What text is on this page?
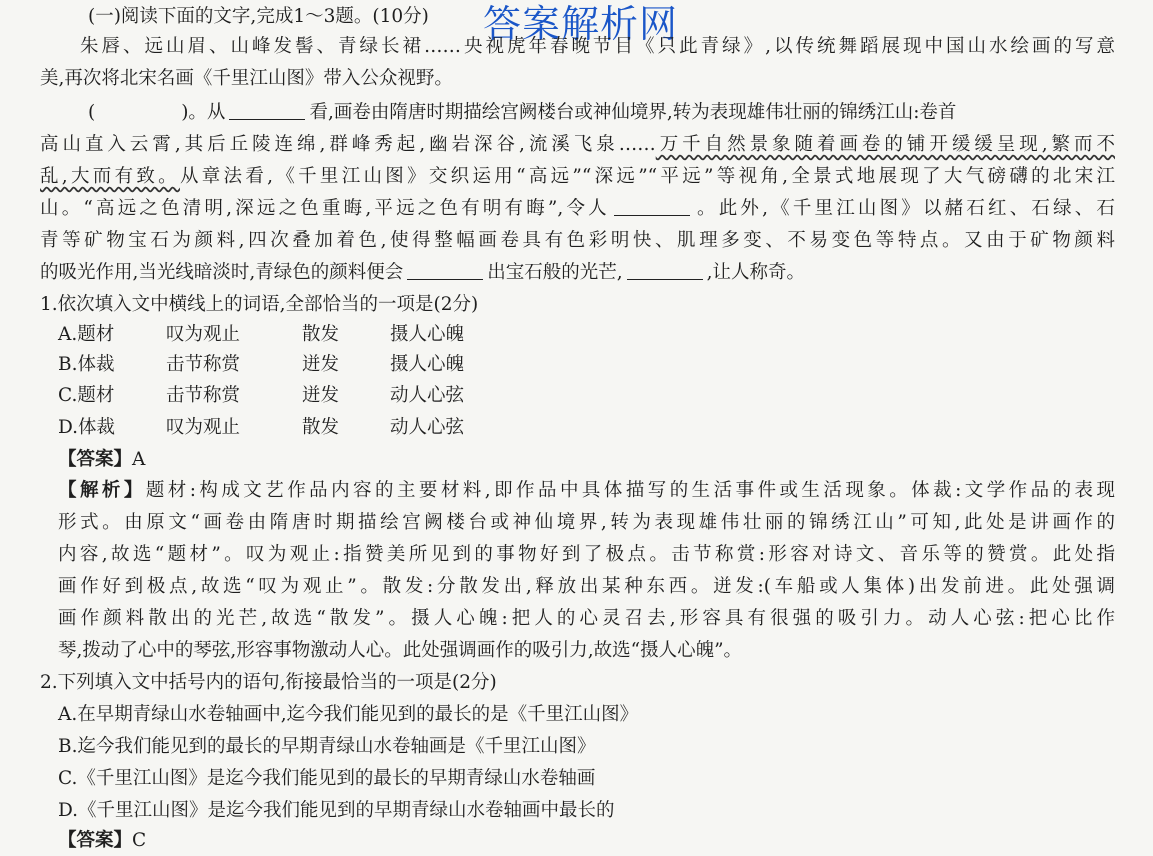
(一)阅读下面的文字,完成1～3题。(10分) 答案解析网
朱唇、远山眉、山峰发髻、青绿长裙……央视虎年春晚节目《只此青绿》,以传统舞蹈展现中国山水绘画的写意
美,再次将北宋名画《千里江山图》带入公众视野。
(	)。从	看,画卷由隋唐时期描绘宫阙楼台或神仙境界,转为表现雄伟壮丽的锦绣江山:卷首
高山直入云霄,其后丘陵连绵,群峰秀起,幽岩深谷,流溪飞泉……万千自然景象随着画卷的铺开缓缓呈现,繁而不
乱,大而有致。从章法看,《千里江山图》交织运用“高远”“深远”“平远”等视角,全景式地展现了大气磅礴的北宋江
山。“高远之色清明,深远之色重晦,平远之色有明有晦”,令人	。此外,《千里江山图》以赭石红、石绿、石
青等矿物宝石为颜料,四次叠加着色,使得整幅画卷具有色彩明快、肌理多变、不易变色等特点。又由于矿物颜料
的吸光作用,当光线暗淡时,青绿色的颜料便会	出宝石般的光芒,	,让人称奇。
1.依次填入文中横线上的词语,全部恰当的一项是(2分)
A.题材	叹为观止	散发	摄人心魄
B.体裁	击节称赏	迸发	摄人心魄
C.题材	击节称赏	迸发	动人心弦
D.体裁	叹为观止	散发	动人心弦
【答案】A
【解析】题材:构成文艺作品内容的主要材料,即作品中具体描写的生活事件或生活现象。体裁:文学作品的表现
形式。由原文“画卷由隋唐时期描绘宫阙楼台或神仙境界,转为表现雄伟壮丽的锦绣江山”可知,此处是讲画作的
内容,故选“题材”。叹为观止:指赞美所见到的事物好到了极点。击节称赏:形容对诗文、音乐等的赞赏。此处指
画作好到极点,故选“叹为观止”。散发:分散发出,释放出某种东西。迸发:(车船或人集体)出发前进。此处强调
画作颜料散出的光芒,故选“散发”。摄人心魄:把人的心灵召去,形容具有很强的吸引力。动人心弦:把心比作
琴,拨动了心中的琴弦,形容事物激动人心。此处强调画作的吸引力,故选“摄人心魄”。
2.下列填入文中括号内的语句,衔接最恰当的一项是(2分)
A.在早期青绿山水卷轴画中,迄今我们能见到的最长的是《千里江山图》
B.迄今我们能见到的最长的早期青绿山水卷轴画是《千里江山图》
C.《千里江山图》是迄今我们能见到的最长的早期青绿山水卷轴画
D.《千里江山图》是迄今我们能见到的早期青绿山水卷轴画中最长的
【答案】C
